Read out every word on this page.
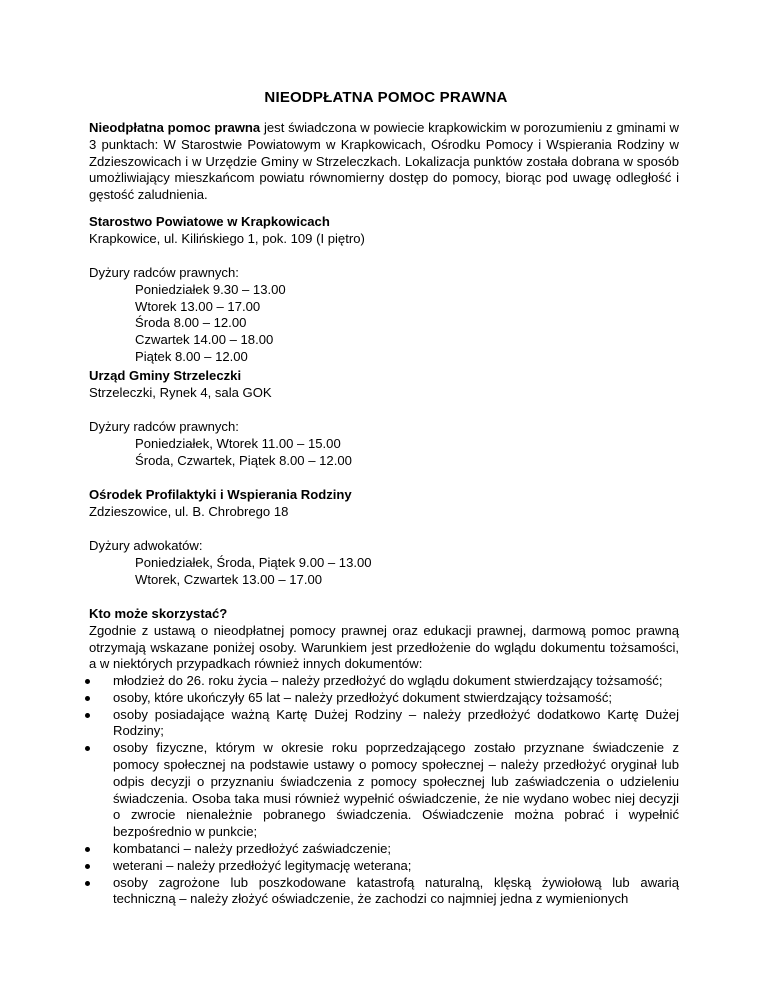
NIEODPŁATNA POMOC PRAWNA

Nieodpłatna pomoc prawna jest świadczona w powiecie krapkowickim w porozumieniu z gminami w 3 punktach: W Starostwie Powiatowym w Krapkowicach, Ośrodku Pomocy i Wspierania Rodziny w Zdzieszowicach i w Urzędzie Gminy w Strzeleczkach. Lokalizacja punktów została dobrana w sposób umożliwiający mieszkańcom powiatu równomierny dostęp do pomocy, biorąc pod uwagę odległość i gęstość zaludnienia.

Starostwo Powiatowe w Krapkowicach

Krapkowice, ul. Kilińskiego 1, pok. 109 (I piętro)

Dyżury radców prawnych:

Poniedziałek 9.30 – 13.00

Wtorek 13.00 – 17.00

Środa 8.00 – 12.00

Czwartek 14.00 – 18.00

Piątek 8.00 – 12.00

Urząd Gminy Strzeleczki

Strzeleczki, Rynek 4, sala GOK

Dyżury radców prawnych:

Poniedziałek, Wtorek 11.00 – 15.00

Środa, Czwartek, Piątek 8.00 – 12.00

Ośrodek Profilaktyki i Wspierania Rodziny

Zdzieszowice, ul. B. Chrobrego 18

Dyżury adwokatów:

Poniedziałek, Środa, Piątek 9.00 – 13.00

Wtorek, Czwartek 13.00 – 17.00

Kto może skorzystać?

Zgodnie z ustawą o nieodpłatnej pomocy prawnej oraz edukacji prawnej, darmową pomoc prawną otrzymają wskazane poniżej osoby. Warunkiem jest przedłożenie do wglądu dokumentu tożsamości, a w niektórych przypadkach również innych dokumentów:

młodzież do 26. roku życia – należy przedłożyć do wglądu dokument stwierdzający tożsamość;
osoby, które ukończyły 65 lat – należy przedłożyć dokument stwierdzający tożsamość;
osoby posiadające ważną Kartę Dużej Rodziny – należy przedłożyć dodatkowo Kartę Dużej Rodziny;
osoby fizyczne, którym w okresie roku poprzedzającego zostało przyznane świadczenie z pomocy społecznej na podstawie ustawy o pomocy społecznej – należy przedłożyć oryginał lub odpis decyzji o przyznaniu świadczenia z pomocy społecznej lub zaświadczenia o udzieleniu świadczenia. Osoba taka musi również wypełnić oświadczenie, że nie wydano wobec niej decyzji o zwrocie nienależnie pobranego świadczenia. Oświadczenie można pobrać i wypełnić bezpośrednio w punkcie;
kombatanci – należy przedłożyć zaświadczenie;
weterani – należy przedłożyć legitymację weterana;
osoby zagrożone lub poszkodowane katastrofą naturalną, klęską żywiołową lub awarią techniczną – należy złożyć oświadczenie, że zachodzi co najmniej jedna z wymienionych
